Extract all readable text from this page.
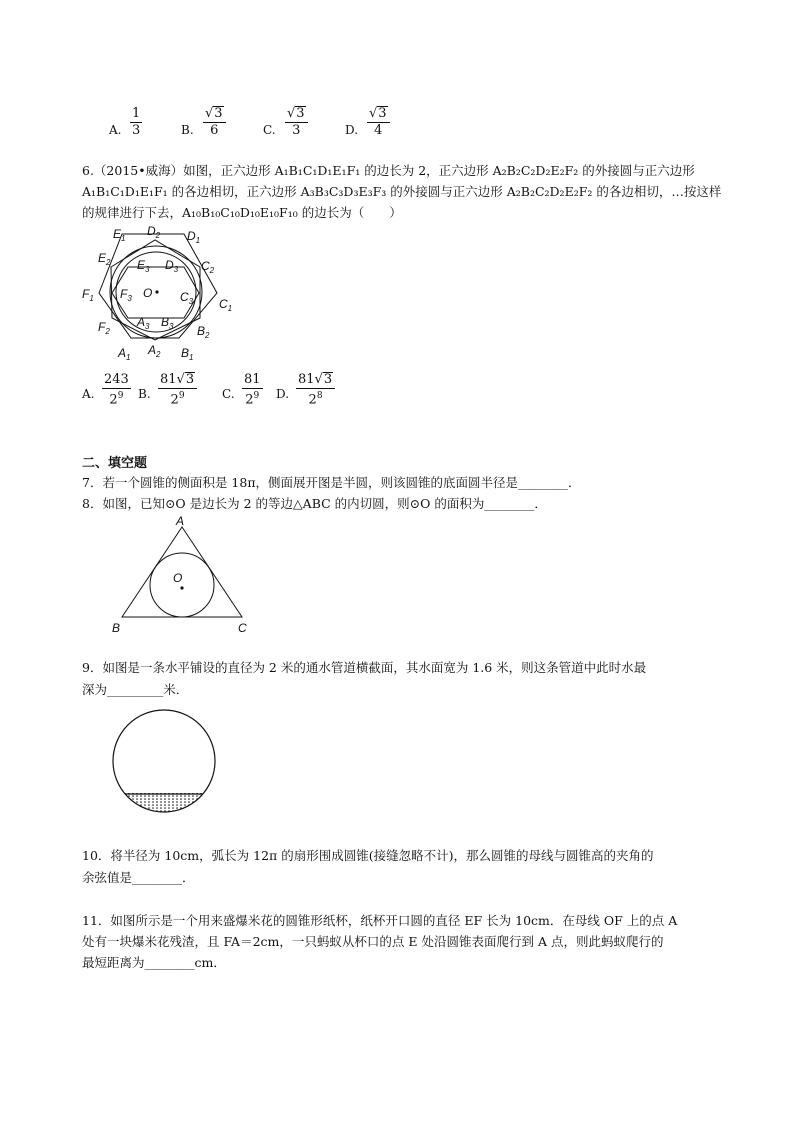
A. $\frac{1}{3}$	B. $\frac{√3}{6}$	C. $\frac{√3}{3}$	D. $\frac{√3}{4}$
6.（2015•威海）如图，正六边形 A₁B₁C₁D₁E₁F₁ 的边长为 2，正六边形 A₂B₂C₂D₂E₂F₂ 的外接圆与正六边形
A₁B₁C₁D₁E₁F₁ 的各边相切，正六边形 A₃B₃C₃D₃E₃F₃ 的外接圆与正六边形 A₂B₂C₂D₂E₂F₂ 的各边相切，…按这样
的规律进行下去，A₁₀B₁₀C₁₀D₁₀E₁₀F₁₀ 的边长为（　　）
$E_1$
$D_2$ $D_1$
$E_2$ $E_3$ $D_3$ $C_2$
$F_1$ $F_3$ O $C_3$ $C_1$
$F_2$
$A_3$ $B_3$ $B_2$
$A_1$
$A_2$ $B_1$
A. $\frac{243}{2^9} B$. $\frac{81√3}{2^9} C$. $\frac{81}{2^9} D$. $\frac{81√3}{2^8}$
二、填空题
7．若一个圆锥的侧面积是 18π，侧面展开图是半圆，则该圆锥的底面圆半径是________．
8．如图，已知⊙O 是边长为 2 的等边△ABC 的内切圆，则⊙O 的面积为________．
A
O
B	C
9．如图是一条水平铺设的直径为 2 米的通水管道横截面，其水面宽为 1.6 米，则这条管道中此时水最
深为_________米．
10．将半径为 10cm，弧长为 12π 的扇形围成圆锥(接缝忽略不计)，那么圆锥的母线与圆锥高的夹角的
余弦值是________．
11．如图所示是一个用来盛爆米花的圆锥形纸杯，纸杯开口圆的直径 EF 长为 10cm．在母线 OF 上的点 A
处有一块爆米花残渣，且 FA＝2cm，一只蚂蚁从杯口的点 E 处沿圆锥表面爬行到 A 点，则此蚂蚁爬行的
最短距离为________cm．
